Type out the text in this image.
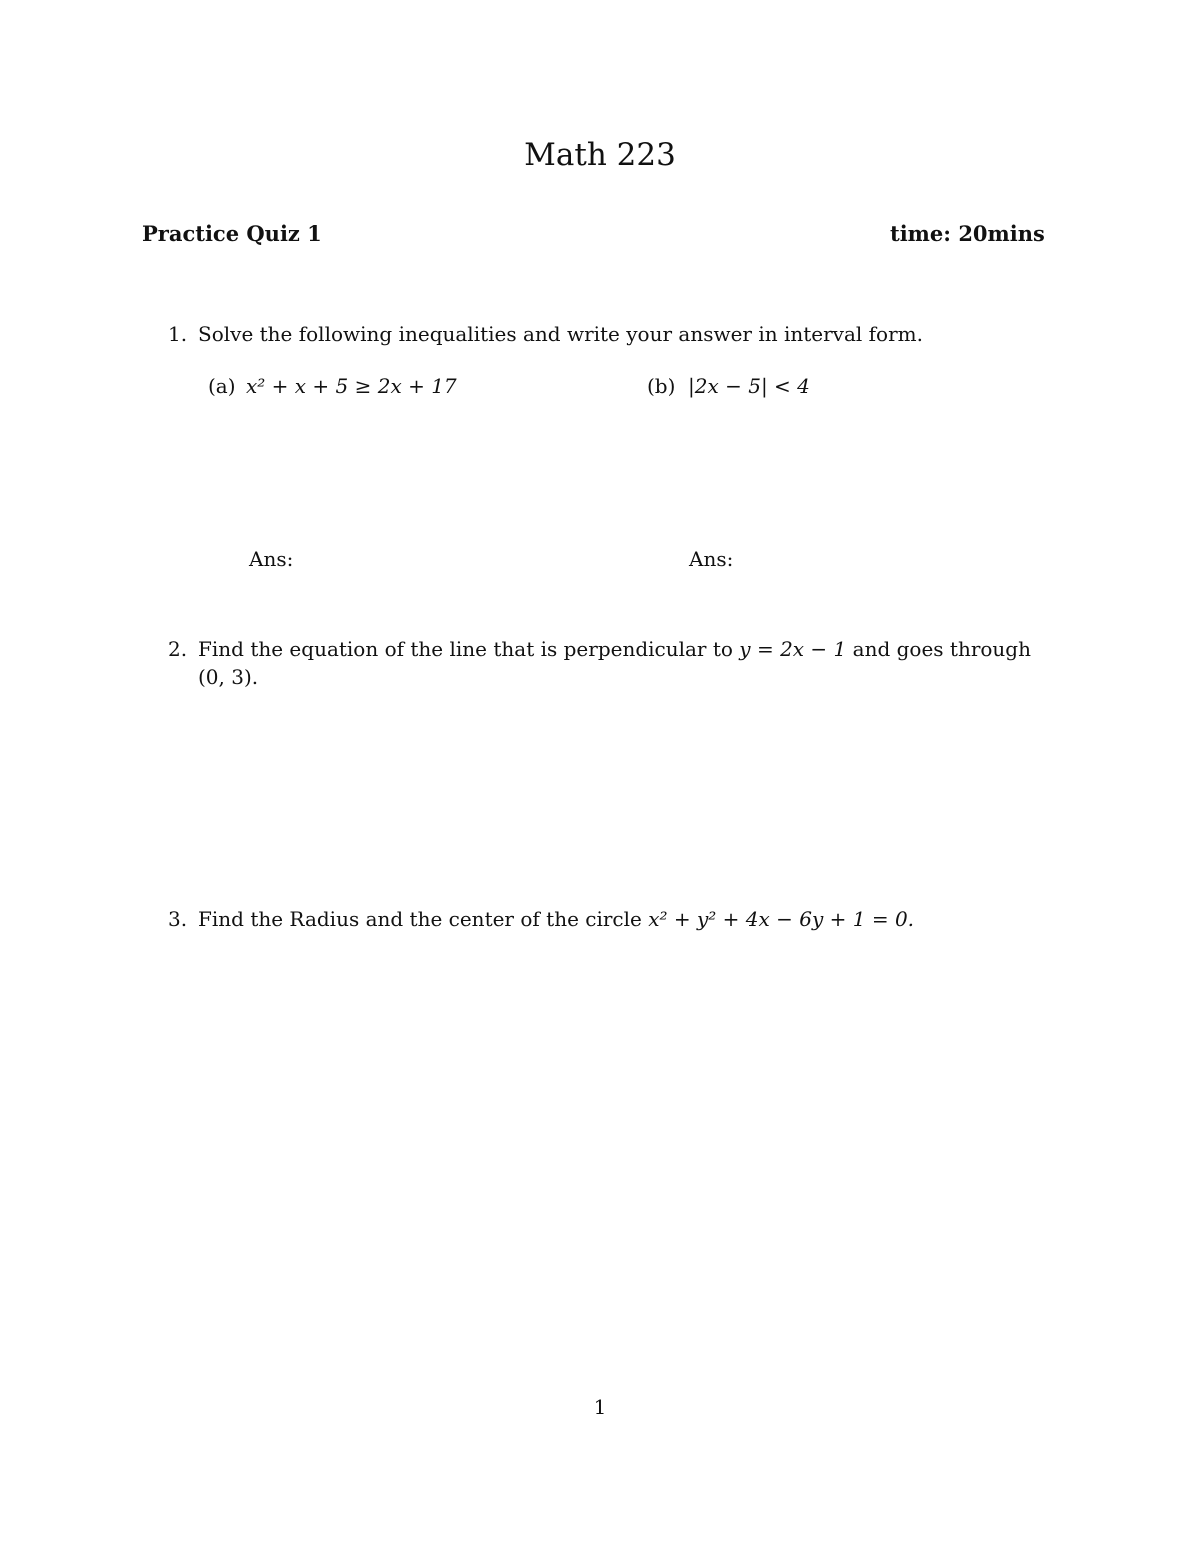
Math 223
Practice Quiz 1	time: 20mins
1. Solve the following inequalities and write your answer in interval form.
(a) x² + x + 5 ≥ 2x + 17	(b) |2x − 5| < 4
Ans:	Ans:
2. Find the equation of the line that is perpendicular to y = 2x − 1 and goes through (0, 3).
3. Find the Radius and the center of the circle x² + y² + 4x − 6y + 1 = 0.
1
